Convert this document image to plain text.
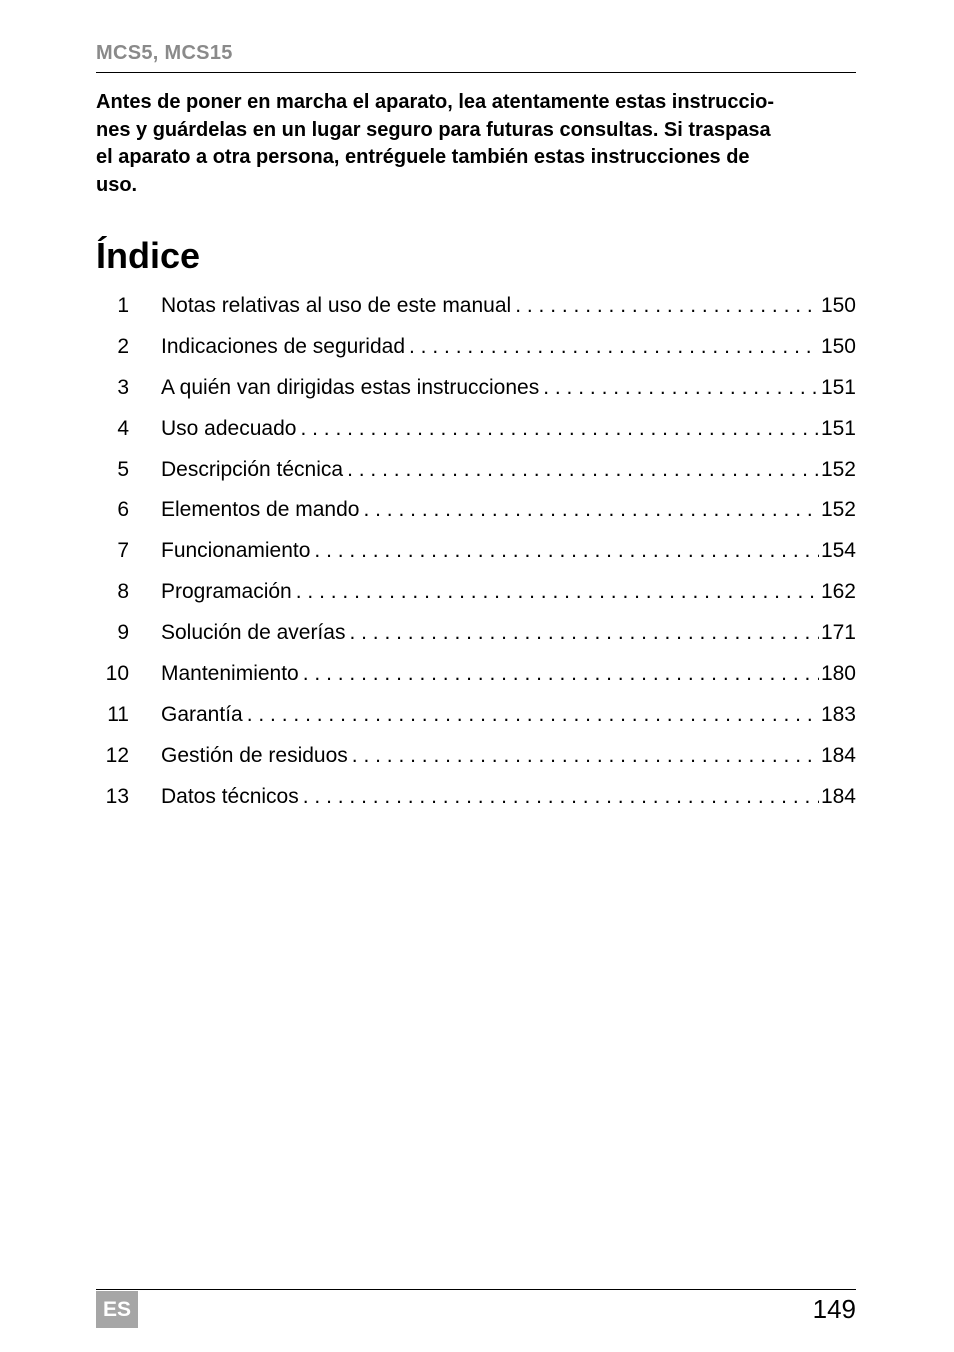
MCS5, MCS15

Antes de poner en marcha el aparato, lea atentamente estas instruccio-
nes y guárdelas en un lugar seguro para futuras consultas. Si traspasa
el aparato a otra persona, entréguele también estas instrucciones de
uso.

Índice
1 Notas relativas al uso de este manual . . .	150
2 Indicaciones de seguridad . . .	150
3 A quién van dirigidas estas instrucciones . . .	151
4 Uso adecuado . . .	151
5 Descripción técnica . . .	152
6 Elementos de mando . . .	152
7 Funcionamiento . . .	154
8 Programación . . .	162
9 Solución de averías . . .	171
10 Mantenimiento . . .	180
11 Garantía . . .	183
12 Gestión de residuos . . .	184
13 Datos técnicos . . .	184
ES	149
